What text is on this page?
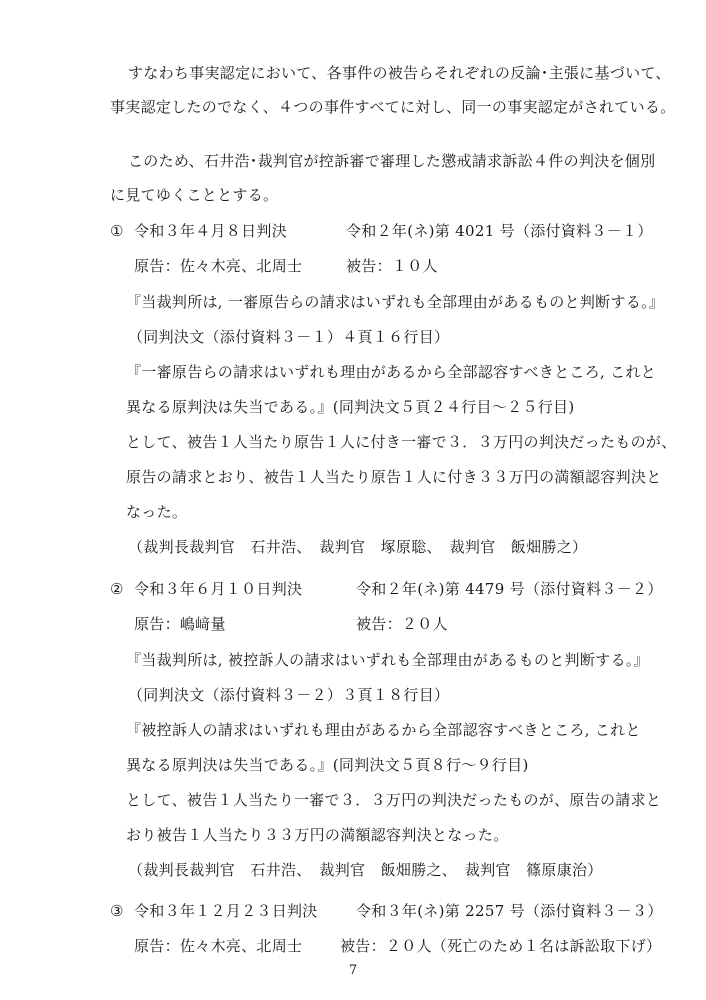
すなわち事実認定において、各事件の被告らそれぞれの反論･主張に基づいて、
事実認定したのでなく、４つの事件すべてに対し、同一の事実認定がされている。
このため、石井浩･裁判官が控訴審で審理した懲戒請求訴訟４件の判決を個別
に見てゆくこととする。
① 令和３年４月８日判決	令和２年(ネ)第 4021 号（添付資料３－１）
原告：佐々木亮、北周士	被告：１０人
『当裁判所は, 一審原告らの請求はいずれも全部理由があるものと判断する。』
（同判決文（添付資料３－１）４頁１６行目）
『一審原告らの請求はいずれも理由があるから全部認容すべきところ, これと
異なる原判決は失当である。』(同判決文５頁２４行目～２５行目)
として、被告１人当たり原告１人に付き一審で３．３万円の判決だったものが、
原告の請求とおり、被告１人当たり原告１人に付き３３万円の満額認容判決と
なった。
（裁判長裁判官　石井浩、　裁判官　塚原聡、　裁判官　飯畑勝之）
② 令和３年６月１０日判決	令和２年(ネ)第 4479 号（添付資料３－２）
原告：嶋﨑量	被告：２０人
『当裁判所は, 被控訴人の請求はいずれも全部理由があるものと判断する。』
（同判決文（添付資料３－２）３頁１８行目）
『被控訴人の請求はいずれも理由があるから全部認容すべきところ, これと
異なる原判決は失当である。』(同判決文５頁８行～９行目)
として、被告１人当たり一審で３．３万円の判決だったものが、原告の請求と
おり被告１人当たり３３万円の満額認容判決となった。
（裁判長裁判官　石井浩、　裁判官　飯畑勝之、　裁判官　篠原康治）
③ 令和３年１２月２３日判決	令和３年(ネ)第 2257 号（添付資料３－３）
原告：佐々木亮、北周士	被告：２０人（死亡のため１名は訴訟取下げ）
7
